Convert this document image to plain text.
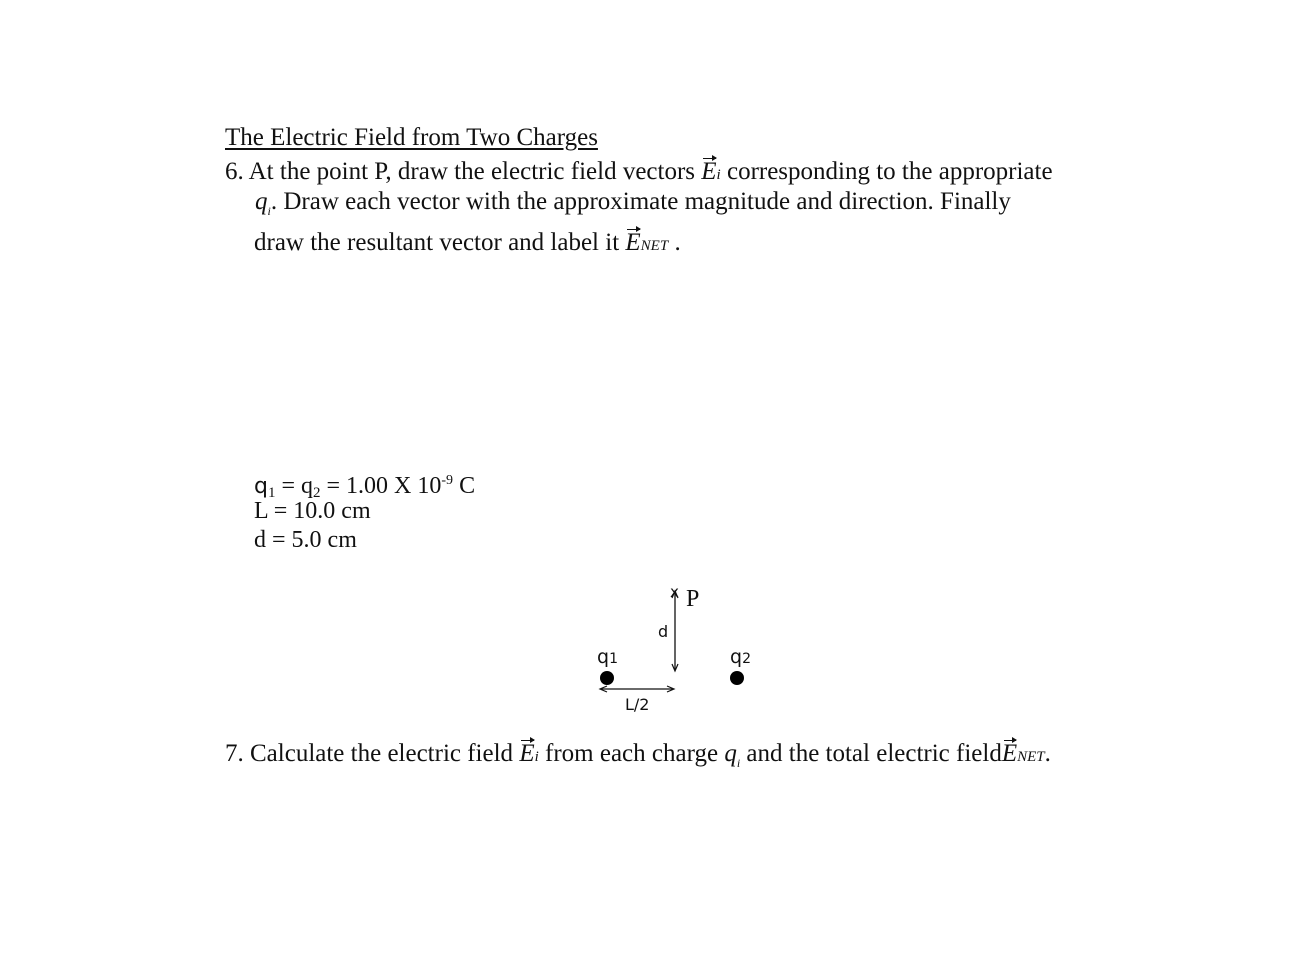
The Electric Field from Two Charges
6. At the point P, draw the electric field vectors Ei corresponding to the appropriate
$q_i$. Draw each vector with the approximate magnitude and direction. Finally
draw the resultant vector and label it ENET .
q1 = q2 = 1.00 X $10^{-9}$ C
L = 10.0 cm
d = 5.0 cm
x P
d
q1	q2
L/2
7. Calculate the electric field Ei from each charge $q_i$ and the total electric fieldENET.
